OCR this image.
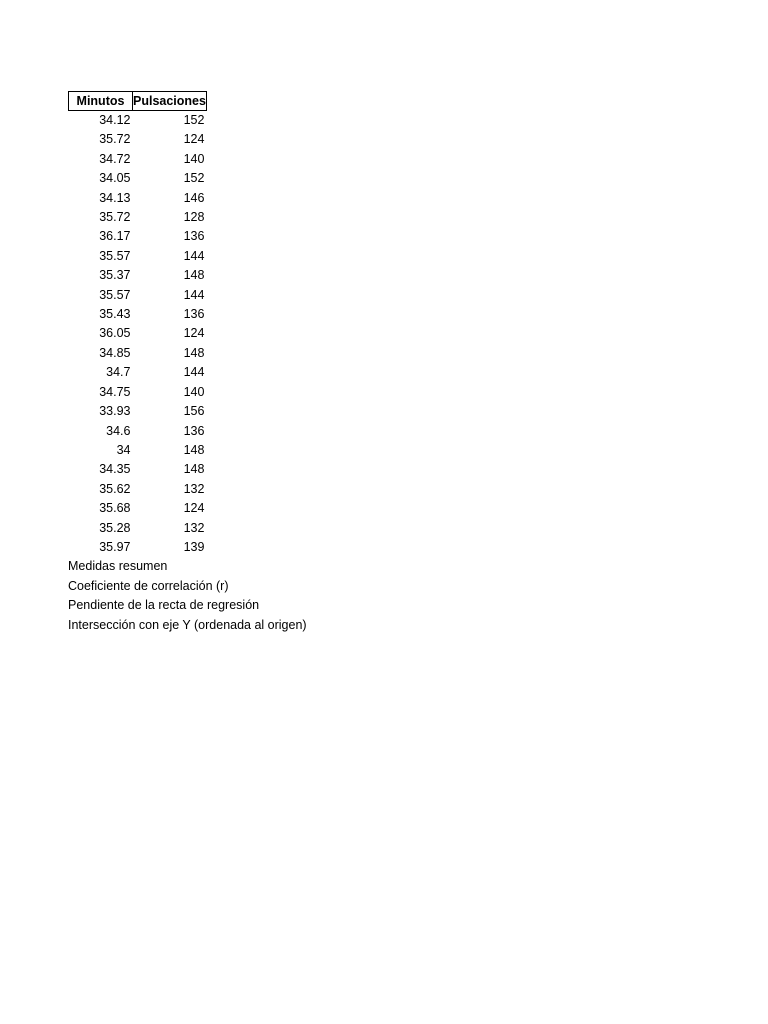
Minutos	Pulsaciones
34.12	152
35.72	124
34.72	140
34.05	152
34.13	146
35.72	128
36.17	136
35.57	144
35.37	148
35.57	144
35.43	136
36.05	124
34.85	148
34.7	144
34.75	140
33.93	156
34.6	136
34	148
34.35	148
35.62	132
35.68	124
35.28	132
35.97	139
Medidas resumen
Coeficiente de correlación (r)
Pendiente de la recta de regresión
Intersección con eje Y (ordenada al origen)
